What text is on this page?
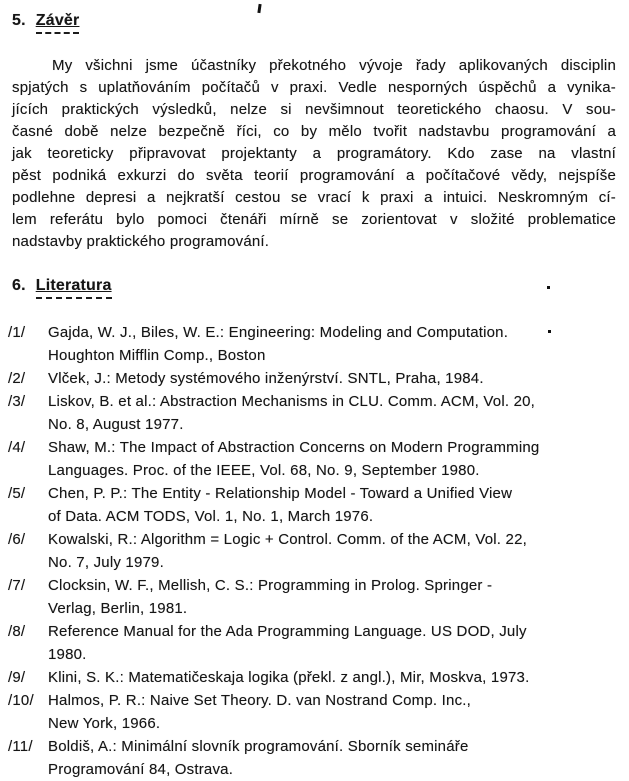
5. Závěr
My všichni jsme účastníky překotného vývoje řady aplikovaných disciplin
spjatých s uplatňováním počítačů v praxi. Vedle nesporných úspěchů a vynika-
jících praktických výsledků, nelze si nevšimnout teoretického chaosu. V sou-
časné době nelze bezpečně říci, co by mělo tvořit nadstavbu programování a
jak teoreticky připravovat projektanty a programátory. Kdo zase na vlastní
pěst podniká exkurzi do světa teorií programování a počítačové vědy, nejspíše
podlehne depresi a nejkratší cestou se vrací k praxi a intuici. Neskromným cí-
lem referátu bylo pomoci čtenáři mírně se zorientovat v složité problematice
nadstavby praktického programování.
6. Literatura
/1/	Gajda, W. J., Biles, W. E.: Engineering: Modeling and Computation.
Houghton Mifflin Comp., Boston
/2/	Vlček, J.: Metody systémového inženýrství. SNTL, Praha, 1984.
/3/	Liskov, B. et al.: Abstraction Mechanisms in CLU. Comm. ACM, Vol. 20,
No. 8, August 1977.
/4/	Shaw, M.: The Impact of Abstraction Concerns on Modern Programming
Languages. Proc. of the IEEE, Vol. 68, No. 9, September 1980.
/5/	Chen, P. P.: The Entity - Relationship Model - Toward a Unified View
of Data. ACM TODS, Vol. 1, No. 1, March 1976.
/6/	Kowalski, R.: Algorithm = Logic + Control. Comm. of the ACM, Vol. 22,
No. 7, July 1979.
/7/	Clocksin, W. F., Mellish, C. S.: Programming in Prolog. Springer -
Verlag, Berlin, 1981.
/8/	Reference Manual for the Ada Programming Language. US DOD, July
1980.
/9/	Klini, S. K.: Matematičeskaja logika (překl. z angl.), Mir, Moskva, 1973.
/10/ Halmos, P. R.: Naive Set Theory. D. van Nostrand Comp. Inc.,
New York, 1966.
/11/	Boldiš, A.: Minimální slovník programování. Sborník semináře
Programování 84, Ostrava.
